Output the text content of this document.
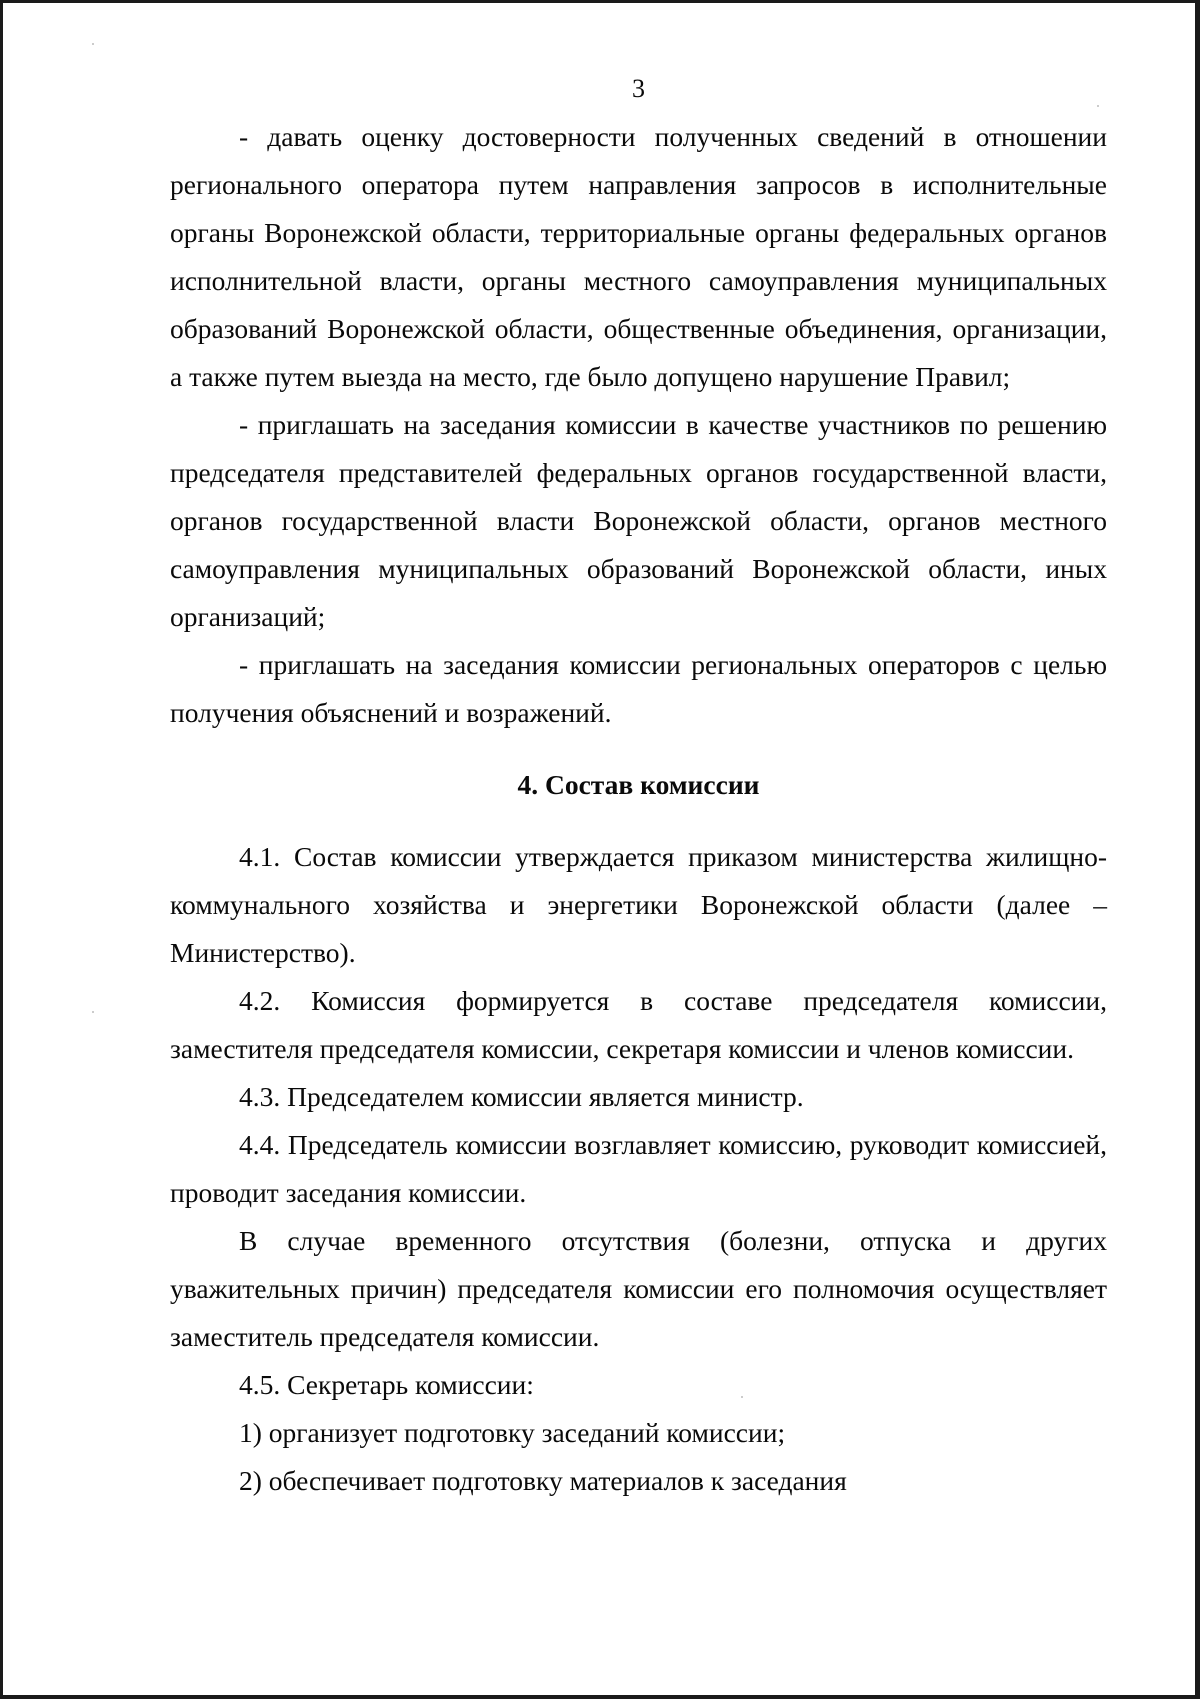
3

- давать оценку достоверности полученных сведений в отношении регионального оператора путем направления запросов в исполнительные органы Воронежской области, территориальные органы федеральных органов исполнительной власти, органы местного самоуправления муниципальных образований Воронежской области, общественные объединения, организации, а также путем выезда на место, где было допущено нарушение Правил;

- приглашать на заседания комиссии в качестве участников по решению председателя представителей федеральных органов государственной власти, органов государственной власти Воронежской области, органов местного самоуправления муниципальных образований Воронежской области, иных организаций;

- приглашать на заседания комиссии региональных операторов с целью получения объяснений и возражений.

4. Состав комиссии

4.1. Состав комиссии утверждается приказом министерства жилищно-коммунального хозяйства и энергетики Воронежской области (далее – Министерство).

4.2. Комиссия формируется в составе председателя комиссии, заместителя председателя комиссии, секретаря комиссии и членов комиссии.

4.3. Председателем комиссии является министр.

4.4. Председатель комиссии возглавляет комиссию, руководит комиссией, проводит заседания комиссии.

В случае временного отсутствия (болезни, отпуска и других уважительных причин) председателя комиссии его полномочия осуществляет заместитель председателя комиссии.

4.5. Секретарь комиссии:

1) организует подготовку заседаний комиссии;

2) обеспечивает подготовку материалов к заседания
